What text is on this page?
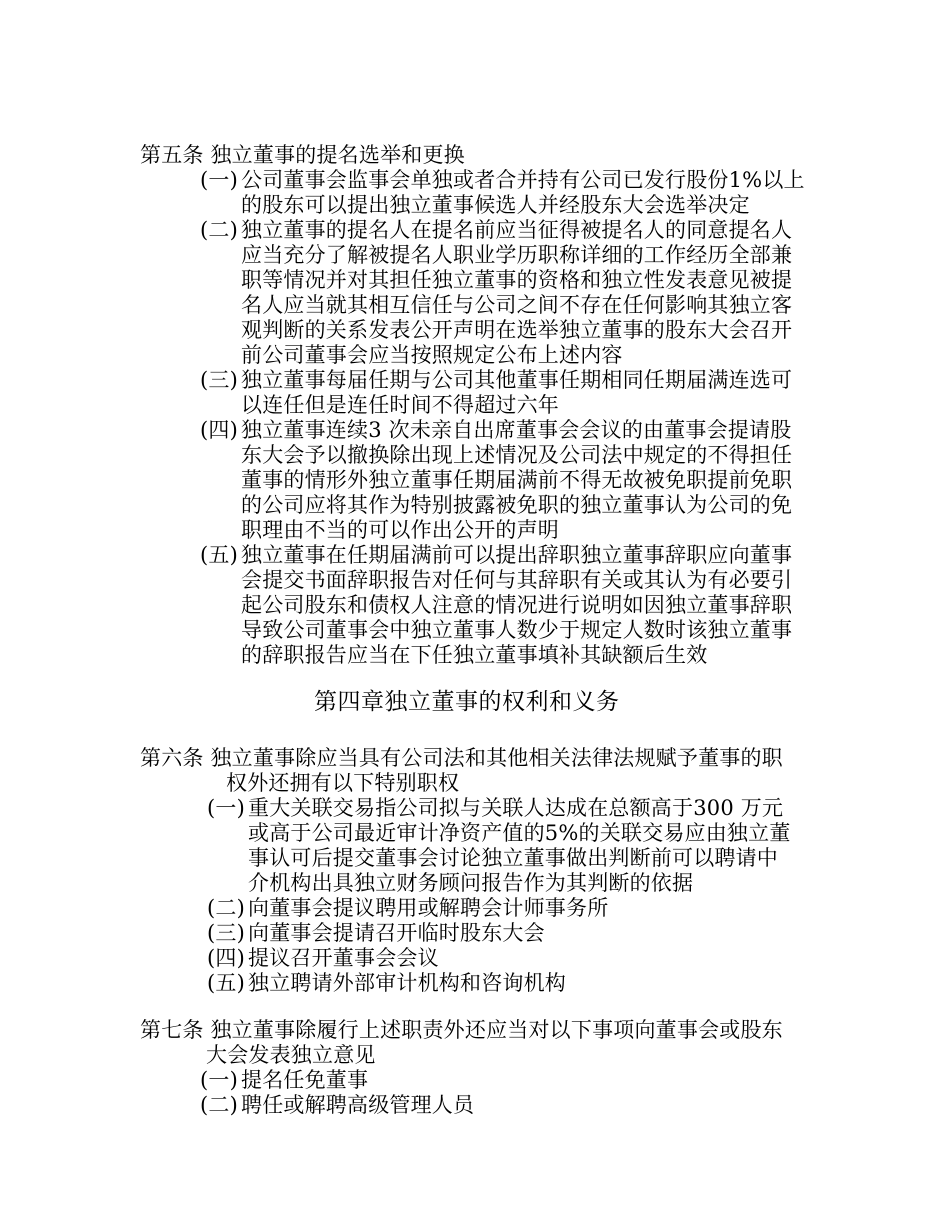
第五条 独立董事的提名选举和更换
(一) 公司董事会监事会单独或者合并持有公司已发行股份1%以上
的股东可以提出独立董事候选人并经股东大会选举决定
(二) 独立董事的提名人在提名前应当征得被提名人的同意提名人
应当充分了解被提名人职业学历职称详细的工作经历全部兼
职等情况并对其担任独立董事的资格和独立性发表意见被提
名人应当就其相互信任与公司之间不存在任何影响其独立客
观判断的关系发表公开声明在选举独立董事的股东大会召开
前公司董事会应当按照规定公布上述内容
(三) 独立董事每届任期与公司其他董事任期相同任期届满连选可
以连任但是连任时间不得超过六年
(四) 独立董事连续3 次未亲自出席董事会会议的由董事会提请股
东大会予以撤换除出现上述情况及公司法中规定的不得担任
董事的情形外独立董事任期届满前不得无故被免职提前免职
的公司应将其作为特别披露被免职的独立董事认为公司的免
职理由不当的可以作出公开的声明
(五) 独立董事在任期届满前可以提出辞职独立董事辞职应向董事
会提交书面辞职报告对任何与其辞职有关或其认为有必要引
起公司股东和债权人注意的情况进行说明如因独立董事辞职
导致公司董事会中独立董事人数少于规定人数时该独立董事
的辞职报告应当在下任独立董事填补其缺额后生效
第四章独立董事的权利和义务
第六条 独立董事除应当具有公司法和其他相关法律法规赋予董事的职
权外还拥有以下特别职权
(一) 重大关联交易指公司拟与关联人达成在总额高于300 万元
或高于公司最近审计净资产值的5%的关联交易应由独立董
事认可后提交董事会讨论独立董事做出判断前可以聘请中
介机构出具独立财务顾问报告作为其判断的依据
(二) 向董事会提议聘用或解聘会计师事务所
(三) 向董事会提请召开临时股东大会
(四) 提议召开董事会会议
(五) 独立聘请外部审计机构和咨询机构
第七条 独立董事除履行上述职责外还应当对以下事项向董事会或股东
大会发表独立意见
(一) 提名任免董事
(二) 聘任或解聘高级管理人员
